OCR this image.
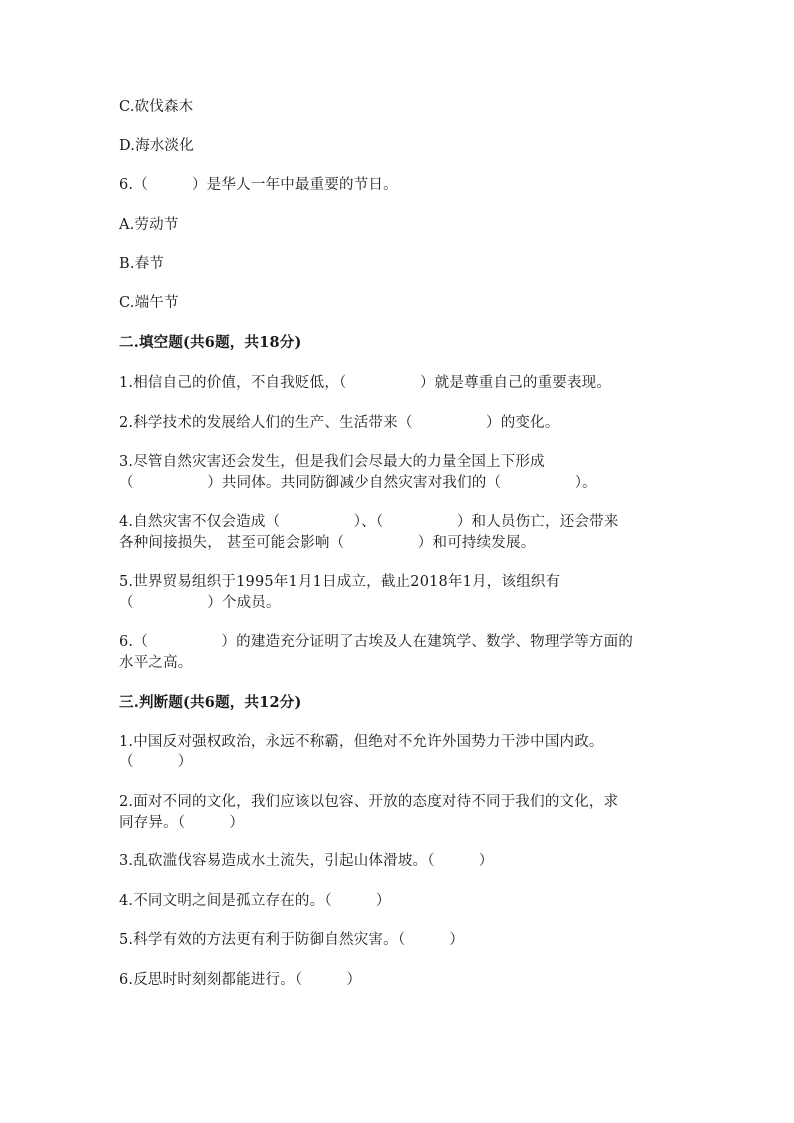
C.砍伐森木
D.海水淡化
6.（　　　）是华人一年中最重要的节日。
A.劳动节
B.春节
C.端午节
二.填空题(共6题，共18分)
1.相信自己的价值，不自我贬低，（　　　　　）就是尊重自己的重要表现。
2.科学技术的发展给人们的生产、生活带来（　　　　　）的变化。
3.尽管自然灾害还会发生，但是我们会尽最大的力量全国上下形成
（　　　　　）共同体。共同防御减少自然灾害对我们的（　　　　　）。
4.自然灾害不仅会造成（　　　　　）、（　　　　　）和人员伤亡，还会带来
各种间接损失， 甚至可能会影响（　　　　　）和可持续发展。
5.世界贸易组织于1995年1月1日成立，截止2018年1月，该组织有
（　　　　　）个成员。
6.（　　　　　）的建造充分证明了古埃及人在建筑学、数学、物理学等方面的
水平之高。
三.判断题(共6题，共12分)
1.中国反对强权政治，永远不称霸，但绝对不允许外国势力干涉中国内政。
（　　　）
2.面对不同的文化，我们应该以包容、开放的态度对待不同于我们的文化，求
同存异。（　　　）
3.乱砍滥伐容易造成水土流失，引起山体滑坡。（　　　）
4.不同文明之间是孤立存在的。（　　　）
5.科学有效的方法更有利于防御自然灾害。（　　　）
6.反思时时刻刻都能进行。（　　　）
